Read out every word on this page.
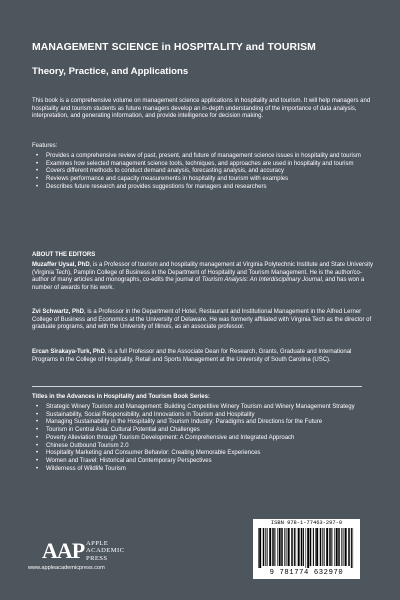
MANAGEMENT SCIENCE in HOSPITALITY and TOURISM
Theory, Practice, and Applications
This book is a comprehensive volume on management science applications in hospitality and tourism. It will help managers and hospitality and tourism students as future managers develop an in-depth understanding of the importance of data analysis, interpretation, and generating information, and provide intelligence for decision making.
Features:
• Provides a comprehensive review of past, present, and future of management science issues in hospitality and tourism
• Examines how selected management science tools, techniques, and approaches are used in hospitality and tourism
• Covers different methods to conduct demand analysis, forecasting analysis, and accuracy
• Reviews performance and capacity measurements in hospitality and tourism with examples
• Describes future research and provides suggestions for managers and researchers
ABOUT THE EDITORS
Muzaffer Uysal, PhD, is a Professor of tourism and hospitality management at Virginia Polytechnic Institute and State University (Virginia Tech), Pamplin College of Business in the Department of Hospitality and Tourism Management. He is the author/co-author of many articles and monographs, co-edits the journal of Tourism Analysis: An Interdisciplinary Journal, and has won a number of awards for his work.
Zvi Schwartz, PhD, is a Professor in the Department of Hotel, Restaurant and Institutional Management in the Alfred Lerner College of Business and Economics at the University of Delaware. He was formerly affiliated with Virginia Tech as the director of graduate programs, and with the University of Illinois, as an associate professor.
Ercan Sirakaya-Turk, PhD, is a full Professor and the Associate Dean for Research, Grants, Graduate and International Programs in the College of Hospitality, Retail and Sports Management at the University of South Carolina (USC).
Titles in the Advances in Hospitality and Tourism Book Series:
• Strategic Winery Tourism and Management: Building Competitive Winery Tourism and Winery Management Strategy
• Sustainability, Social Responsibility, and Innovations in Tourism and Hospitality
• Managing Sustainability in the Hospitality and Tourism Industry: Paradigms and Directions for the Future
• Tourism in Central Asia: Cultural Potential and Challenges
• Poverty Alleviation through Tourism Development: A Comprehensive and Integrated Approach
• Chinese Outbound Tourism 2.0
• Hospitality Marketing and Consumer Behavior: Creating Memorable Experiences
• Women and Travel: Historical and Contemporary Perspectives
• Wilderness of Wildlife Tourism
AAP APPLE
ACADEMIC
PRESS
www.appleacademicpress.com
ISBN 978-1-77463-297-0
9 781774 632970
